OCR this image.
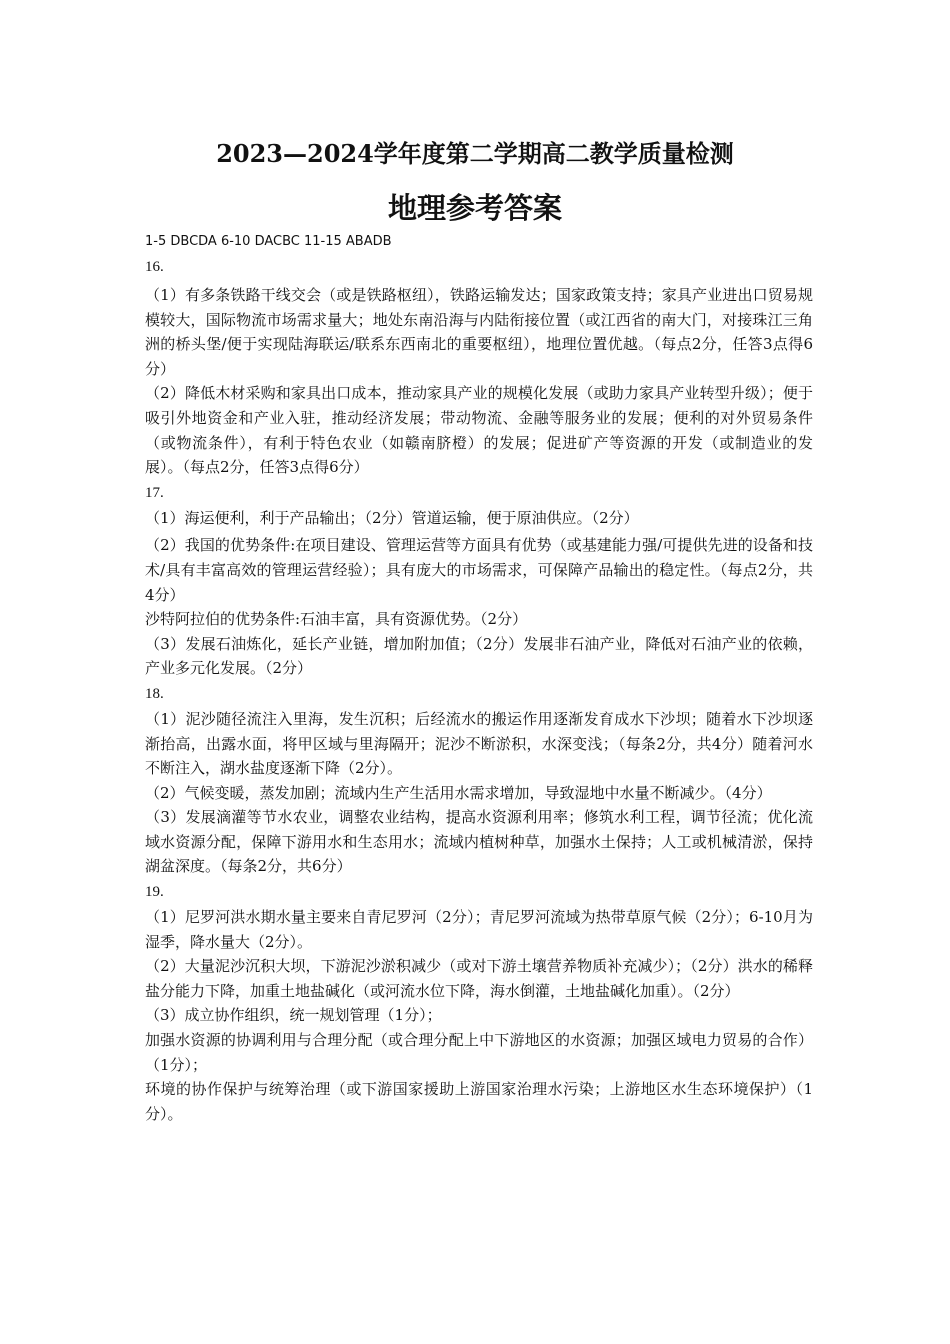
2023—2024学年度第二学期高二教学质量检测
地理参考答案

1-5 DBCDA 6-10 DACBC 11-15 ABADB

16.

（1）有多条铁路干线交会（或是铁路枢纽），铁路运输发达；国家政策支持；家具产业进出口贸易规模较大，国际物流市场需求量大；地处东南沿海与内陆衔接位置（或江西省的南大门，对接珠江三角洲的桥头堡/便于实现陆海联运/联系东西南北的重要枢纽），地理位置优越。（每点2分，任答3点得6分）

（2）降低木材采购和家具出口成本，推动家具产业的规模化发展（或助力家具产业转型升级）；便于吸引外地资金和产业入驻，推动经济发展；带动物流、金融等服务业的发展；便利的对外贸易条件（或物流条件），有利于特色农业（如赣南脐橙）的发展；促进矿产等资源的开发（或制造业的发展）。（每点2分，任答3点得6分）

17.

（1）海运便利，利于产品输出；（2分）管道运输，便于原油供应。（2分）

（2）我国的优势条件:在项目建设、管理运营等方面具有优势（或基建能力强/可提供先进的设备和技术/具有丰富高效的管理运营经验）；具有庞大的市场需求，可保障产品输出的稳定性。（每点2分，共4分）

沙特阿拉伯的优势条件:石油丰富，具有资源优势。（2分）

（3）发展石油炼化，延长产业链，增加附加值；（2分）发展非石油产业，降低对石油产业的依赖，产业多元化发展。（2分）

18.

（1）泥沙随径流注入里海，发生沉积；后经流水的搬运作用逐渐发育成水下沙坝；随着水下沙坝逐渐抬高，出露水面，将甲区域与里海隔开；泥沙不断淤积，水深变浅；（每条2分，共4分）随着河水不断注入，湖水盐度逐渐下降（2分）。

（2）气候变暖，蒸发加剧；流域内生产生活用水需求增加，导致湿地中水量不断减少。（4分）

（3）发展滴灌等节水农业，调整农业结构，提高水资源利用率；修筑水利工程，调节径流；优化流域水资源分配，保障下游用水和生态用水；流域内植树种草，加强水土保持；人工或机械清淤，保持湖盆深度。（每条2分，共6分）

19.

（1）尼罗河洪水期水量主要来自青尼罗河（2分）；青尼罗河流域为热带草原气候（2分）；6-10月为湿季，降水量大（2分）。

（2）大量泥沙沉积大坝，下游泥沙淤积减少（或对下游土壤营养物质补充减少）；（2分）洪水的稀释盐分能力下降，加重土地盐碱化（或河流水位下降，海水倒灌，土地盐碱化加重）。（2分）

（3）成立协作组织，统一规划管理（1分）；

加强水资源的协调利用与合理分配（或合理分配上中下游地区的水资源；加强区域电力贸易的合作）（1分）；

环境的协作保护与统筹治理（或下游国家援助上游国家治理水污染；上游地区水生态环境保护）（1分）。
